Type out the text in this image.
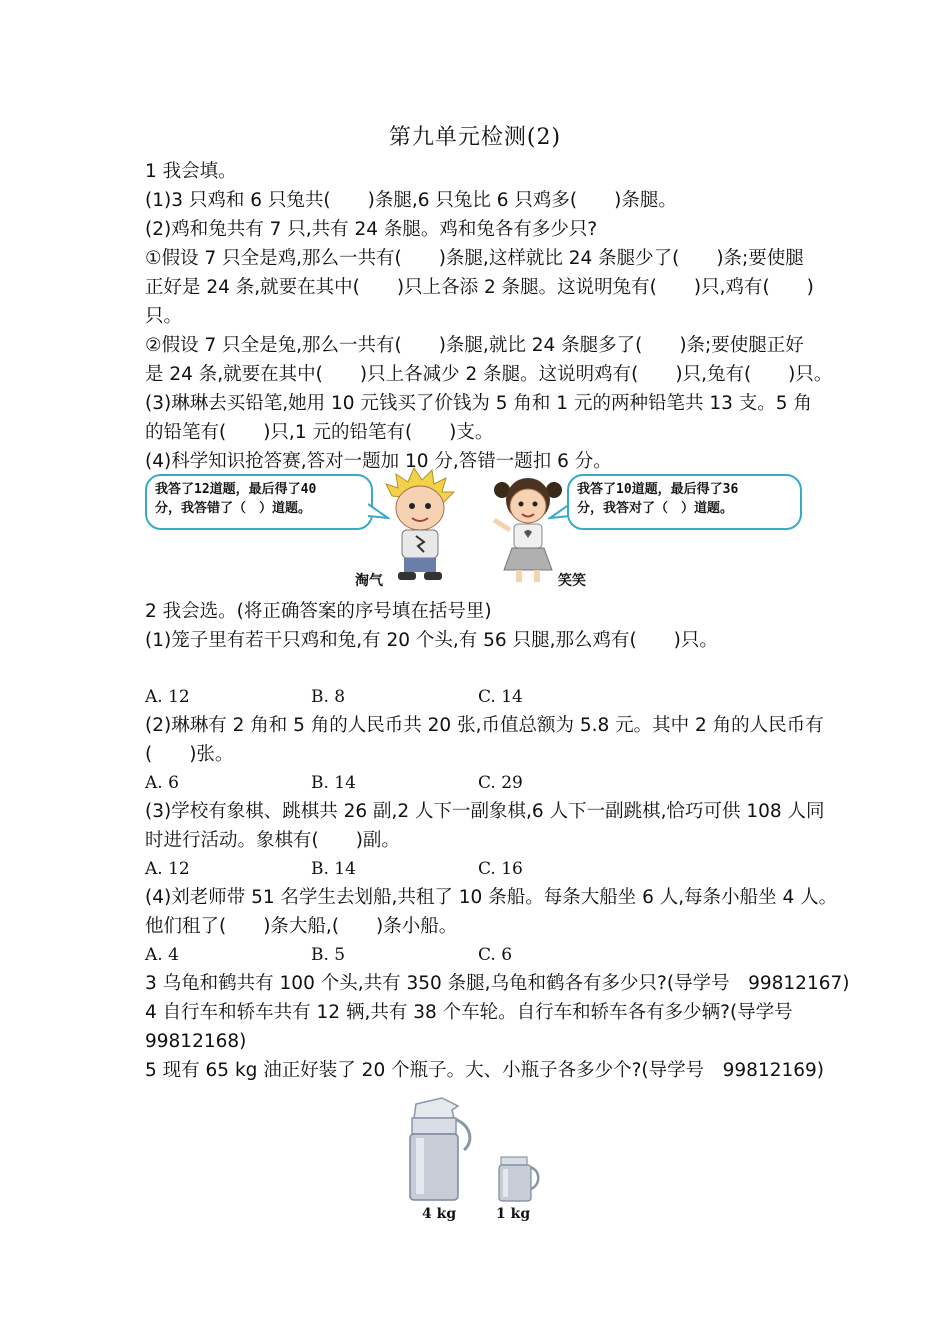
第九单元检测(2)
1 我会填。
(1)3 只鸡和 6 只兔共(　　)条腿,6 只兔比 6 只鸡多(　　)条腿。
(2)鸡和兔共有 7 只,共有 24 条腿。鸡和兔各有多少只?
①假设 7 只全是鸡,那么一共有(　　)条腿,这样就比 24 条腿少了(　　)条;要使腿
正好是 24 条,就要在其中(　　)只上各添 2 条腿。这说明兔有(　　)只,鸡有(　　)
只。
②假设 7 只全是兔,那么一共有(　　)条腿,就比 24 条腿多了(　　)条;要使腿正好
是 24 条,就要在其中(　　)只上各减少 2 条腿。这说明鸡有(　　)只,兔有(　　)只。
(3)琳琳去买铅笔,她用 10 元钱买了价钱为 5 角和 1 元的两种铅笔共 13 支。5 角
的铅笔有(　　)只,1 元的铅笔有(　　)支。
(4)科学知识抢答赛,答对一题加 10 分,答错一题扣 6 分。
我答了12道题，最后得了40
分，我答错了（　）道题。
我答了10道题，最后得了36
分，我答对了（　）道题。
淘气	笑笑
2 我会选。(将正确答案的序号填在括号里)
(1)笼子里有若干只鸡和兔,有 20 个头,有 56 只腿,那么鸡有(　　)只。
A. 12	B. 8	C. 14
(2)琳琳有 2 角和 5 角的人民币共 20 张,币值总额为 5.8 元。其中 2 角的人民币有
(　　)张。
A. 6	B. 14	C. 29
(3)学校有象棋、跳棋共 26 副,2 人下一副象棋,6 人下一副跳棋,恰巧可供 108 人同
时进行活动。象棋有(　　)副。
A. 12	B. 14	C. 16
(4)刘老师带 51 名学生去划船,共租了 10 条船。每条大船坐 6 人,每条小船坐 4 人。
他们租了(　　)条大船,(　　)条小船。
A. 4	B. 5	C. 6
3 乌龟和鹤共有 100 个头,共有 350 条腿,乌龟和鹤各有多少只?(导学号　99812167)
4 自行车和轿车共有 12 辆,共有 38 个车轮。自行车和轿车各有多少辆?(导学号
99812168)
5 现有 65 kg 油正好装了 20 个瓶子。大、小瓶子各多少个?(导学号　99812169)
4 kg	1 kg
